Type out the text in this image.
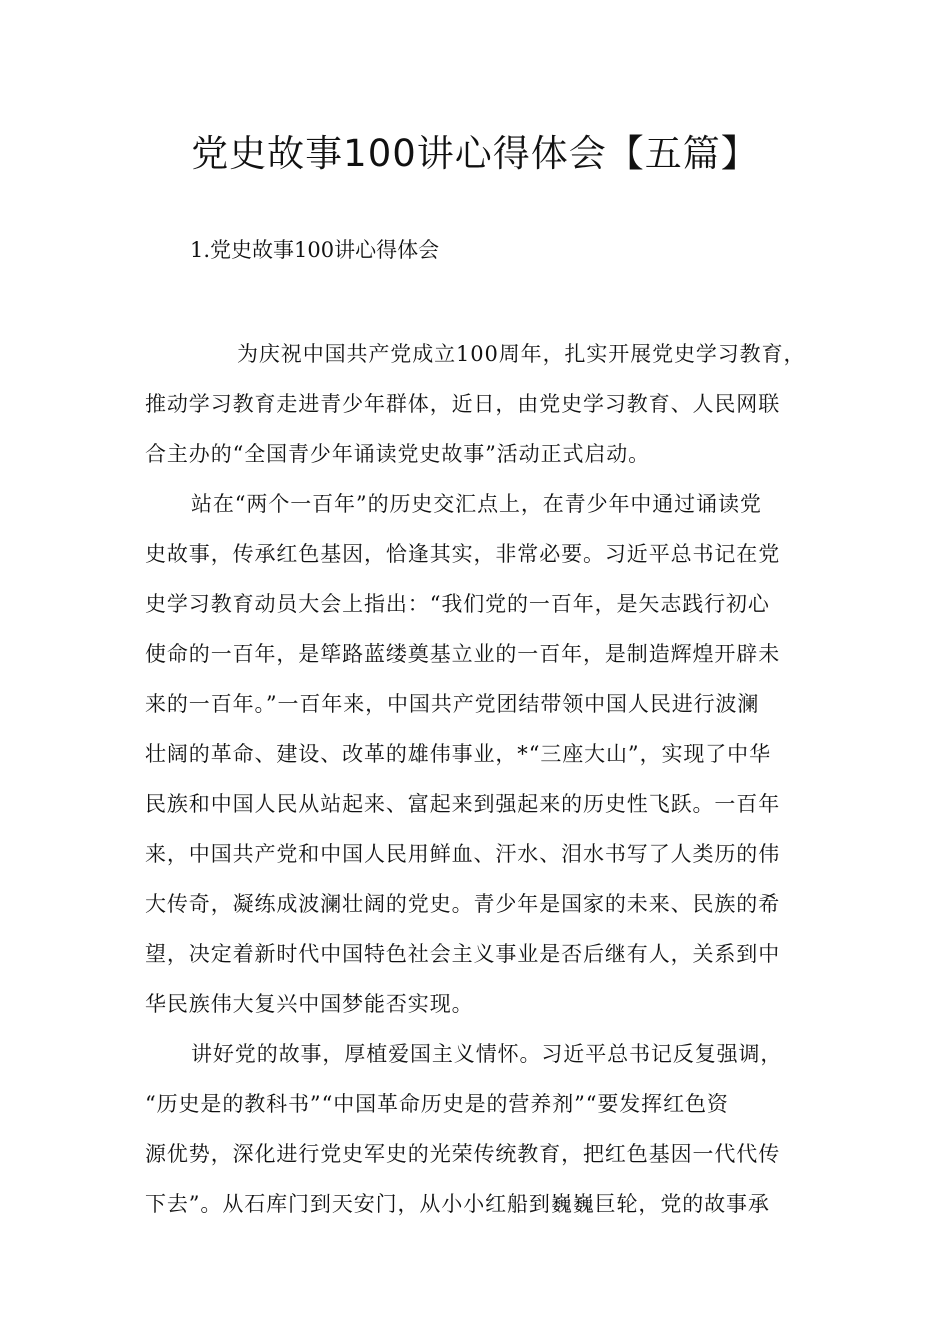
党史故事100讲心得体会【五篇】
1.党史故事100讲心得体会

为庆祝中国共产党成立100周年，扎实开展党史学习教育，
推动学习教育走进青少年群体，近日，由党史学习教育、人民网联
合主办的“全国青少年诵读党史故事”活动正式启动。

站在“两个一百年”的历史交汇点上，在青少年中通过诵读党
史故事，传承红色基因，恰逢其实，非常必要。习近平总书记在党
史学习教育动员大会上指出：“我们党的一百年，是矢志践行初心
使命的一百年，是筚路蓝缕奠基立业的一百年，是制造辉煌开辟未
来的一百年。”一百年来，中国共产党团结带领中国人民进行波澜
壮阔的革命、建设、改革的雄伟事业，*“三座大山”，实现了中华
民族和中国人民从站起来、富起来到强起来的历史性飞跃。一百年
来，中国共产党和中国人民用鲜血、汗水、泪水书写了人类历的伟
大传奇，凝练成波澜壮阔的党史。青少年是国家的未来、民族的希
望，决定着新时代中国特色社会主义事业是否后继有人，关系到中
华民族伟大复兴中国梦能否实现。

讲好党的故事，厚植爱国主义情怀。习近平总书记反复强调，
“历史是的教科书”“中国革命历史是的营养剂”“要发挥红色资
源优势，深化进行党史军史的光荣传统教育，把红色基因一代代传
下去”。从石库门到天安门，从小小红船到巍巍巨轮，党的故事承
